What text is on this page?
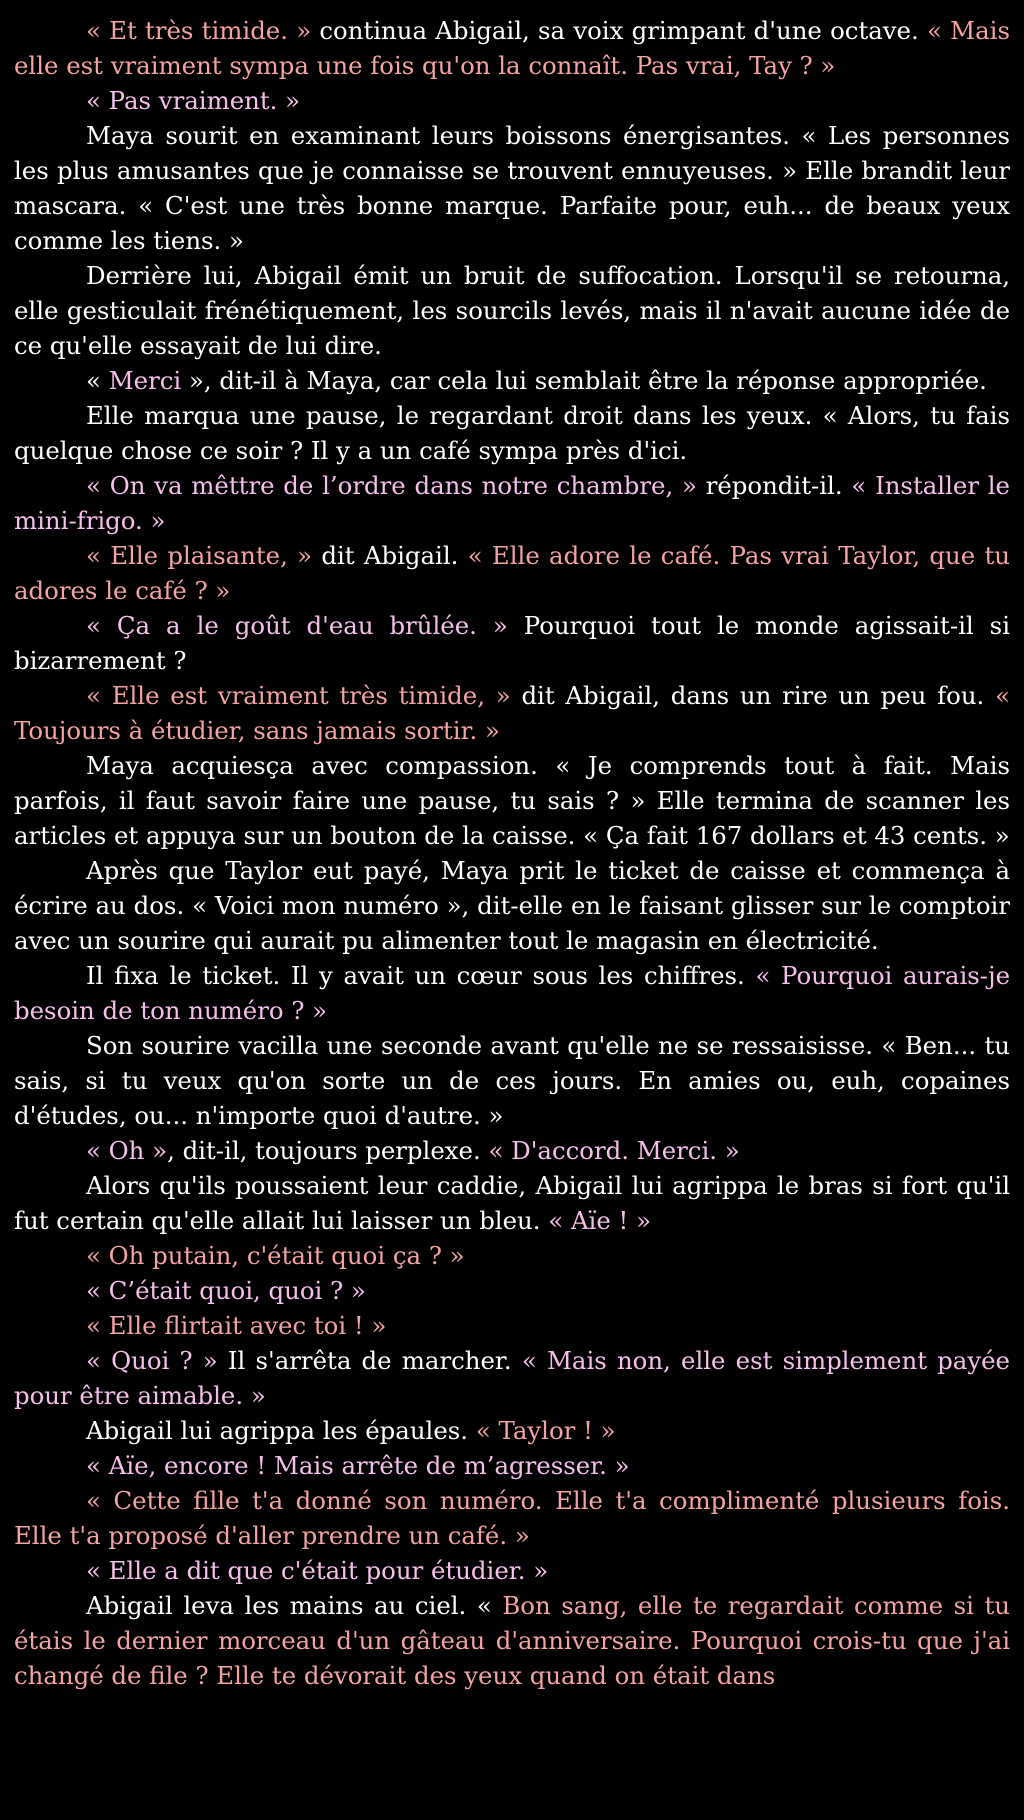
« Et très timide. » continua Abigail, sa voix grimpant d'une octave. « Mais elle est vraiment sympa une fois qu'on la connaît. Pas vrai, Tay ? »

« Pas vraiment. »

Maya sourit en examinant leurs boissons énergisantes. « Les personnes les plus amusantes que je connaisse se trouvent ennuyeuses. » Elle brandit leur mascara. « C'est une très bonne marque. Parfaite pour, euh... de beaux yeux comme les tiens. »

Derrière lui, Abigail émit un bruit de suffocation. Lorsqu'il se retourna, elle gesticulait frénétiquement, les sourcils levés, mais il n'avait aucune idée de ce qu'elle essayait de lui dire.

« Merci », dit-il à Maya, car cela lui semblait être la réponse appropriée.

Elle marqua une pause, le regardant droit dans les yeux. « Alors, tu fais quelque chose ce soir ? Il y a un café sympa près d'ici.

« On va mêttre de l’ordre dans notre chambre, » répondit-il. « Installer le mini-frigo. »

« Elle plaisante, » dit Abigail. « Elle adore le café. Pas vrai Taylor, que tu adores le café ? »

« Ça a le goût d'eau brûlée. » Pourquoi tout le monde agissait-il si bizarrement ?

« Elle est vraiment très timide, » dit Abigail, dans un rire un peu fou. « Toujours à étudier, sans jamais sortir. »

Maya acquiesça avec compassion. « Je comprends tout à fait. Mais parfois, il faut savoir faire une pause, tu sais ? » Elle termina de scanner les articles et appuya sur un bouton de la caisse. « Ça fait 167 dollars et 43 cents. »

Après que Taylor eut payé, Maya prit le ticket de caisse et commença à écrire au dos. « Voici mon numéro », dit-elle en le faisant glisser sur le comptoir avec un sourire qui aurait pu alimenter tout le magasin en électricité.

Il fixa le ticket. Il y avait un cœur sous les chiffres. « Pourquoi aurais-je besoin de ton numéro ? »

Son sourire vacilla une seconde avant qu'elle ne se ressaisisse. « Ben... tu sais, si tu veux qu'on sorte un de ces jours. En amies ou, euh, copaines d'études, ou... n'importe quoi d'autre. »

« Oh », dit-il, toujours perplexe. « D'accord. Merci. »

Alors qu'ils poussaient leur caddie, Abigail lui agrippa le bras si fort qu'il fut certain qu'elle allait lui laisser un bleu. « Aïe ! »

« Oh putain, c'était quoi ça ? »

« C’était quoi, quoi ? »

« Elle flirtait avec toi ! »

« Quoi ? » Il s'arrêta de marcher. « Mais non, elle est simplement payée pour être aimable. »

Abigail lui agrippa les épaules. « Taylor ! »

« Aïe, encore ! Mais arrête de m’agresser. »

« Cette fille t'a donné son numéro. Elle t'a complimenté plusieurs fois. Elle t'a proposé d'aller prendre un café. »

« Elle a dit que c'était pour étudier. »

Abigail leva les mains au ciel. « Bon sang, elle te regardait comme si tu étais le dernier morceau d'un gâteau d'anniversaire. Pourquoi crois-tu que j'ai changé de file ? Elle te dévorait des yeux quand on était dans
